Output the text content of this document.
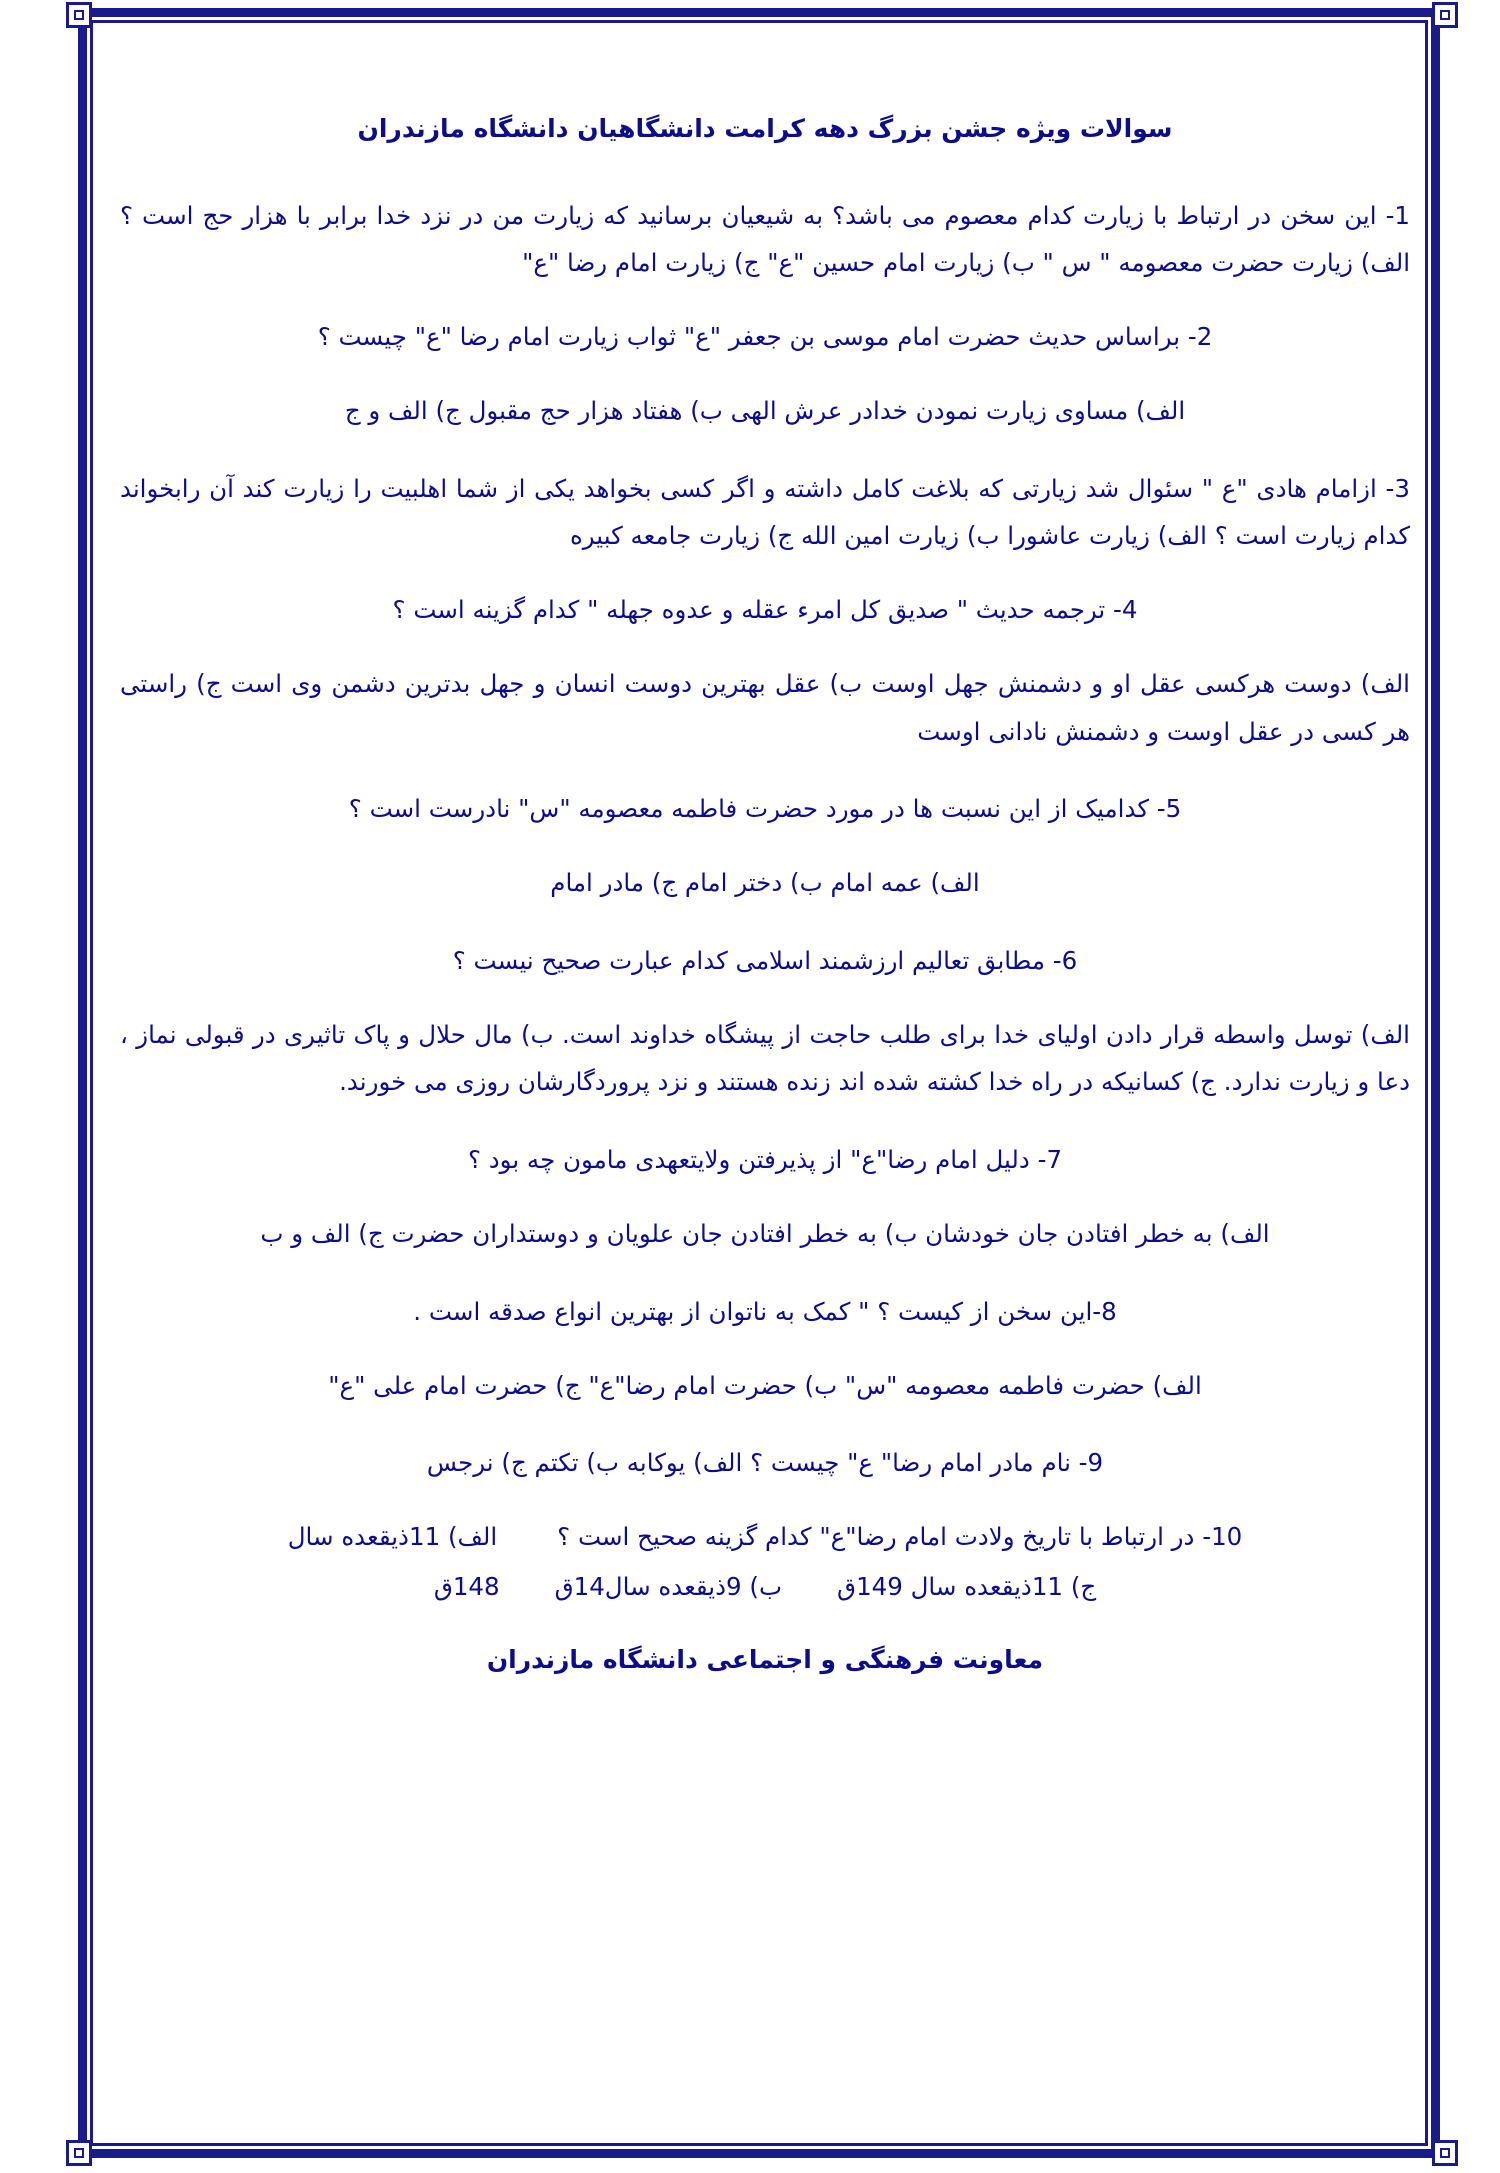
سوالات ویژه جشن بزرگ دهه کرامت دانشگاهیان دانشگاه مازندران
1- این سخن در ارتباط با زیارت کدام معصوم می باشد؟ به شیعیان برسانید که زیارت من در نزد خدا برابر با هزار حج است ؟ الف) زیارت حضرت معصومه " س " ب) زیارت امام حسین "ع" ج) زیارت امام رضا "ع"
2- براساس حدیث حضرت امام موسی بن جعفر "ع" ثواب زیارت امام رضا "ع" چیست ؟
الف) مساوی زیارت نمودن خدادر عرش الهی ب) هفتاد هزار حج مقبول ج) الف و ج
3- ازامام هادی "ع " سئوال شد زیارتی که بلاغت کامل داشته و اگر کسی بخواهد یکی از شما اهلبیت را زیارت کند آن رابخواند کدام زیارت است ؟ الف) زیارت عاشورا ب) زیارت امین الله ج) زیارت جامعه کبیره
4- ترجمه حدیث " صدیق کل امرء عقله و عدوه جهله " کدام گزینه است ؟
الف) دوست هرکسی عقل او و دشمنش جهل اوست ب) عقل بهترین دوست انسان و جهل بدترین دشمن وی است ج) راستی هر کسی در عقل اوست و دشمنش نادانی اوست
5- کدامیک از این نسبت ها در مورد حضرت فاطمه معصومه "س" نادرست است ؟
الف) عمه امام ب) دختر امام ج) مادر امام
6- مطابق تعالیم ارزشمند اسلامی کدام عبارت صحیح نیست ؟
الف) توسل واسطه قرار دادن اولیای خدا برای طلب حاجت از پیشگاه خداوند است. ب) مال حلال و پاک تاثیری در قبولی نماز ، دعا و زیارت ندارد. ج) کسانیکه در راه خدا کشته شده اند زنده هستند و نزد پروردگارشان روزی می خورند.
7- دلیل امام رضا"ع" از پذیرفتن ولایتعهدی مامون چه بود ؟
الف) به خطر افتادن جان خودشان ب) به خطر افتادن جان علویان و دوستداران حضرت ج) الف و ب
8-این سخن از کیست ؟ " کمک به ناتوان از بهترین انواع صدقه است .
الف) حضرت فاطمه معصومه "س" ب) حضرت امام رضا"ع" ج) حضرت امام علی "ع"
9- نام مادر امام رضا" ع" چیست ؟ الف) یوکابه ب) تکتم ج) نرجس
10- در ارتباط با تاریخ ولادت امام رضا"ع" کدام گزینه صحیح است ؟
الف) 11ذیقعده سال
ج) 11ذیقعده سال 149ق
ب) 9ذیقعده سال14ق
148ق
معاونت فرهنگی و اجتماعی دانشگاه مازندران
